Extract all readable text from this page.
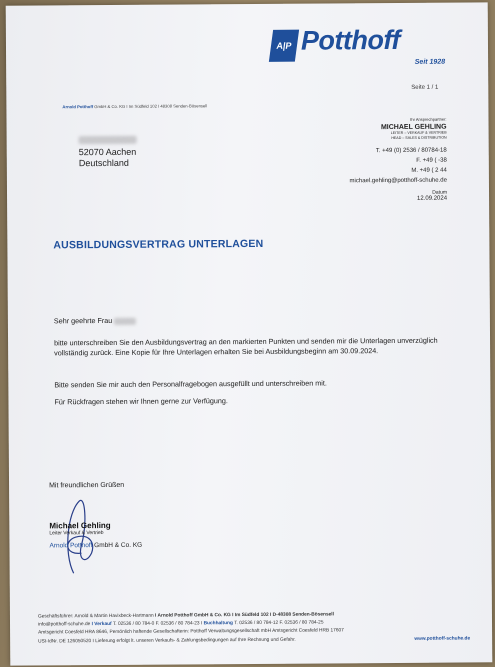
A|P Potthoff
Seit 1928
Seite 1 / 1
Arnold Potthoff GmbH & Co. KG I Im Südfeld 102 I 48308 Senden-Bösensell
Ihr Ansprechpartner:
MICHAEL GEHLING
LEITER – VERKAUF & VERTRIEB
HEAD – SALES & DISTRIBUTION
T. +49 (0) 2536 / 80784-18
F. +49 ( -38
M. +49 ( 2 44
michael.gehling@potthoff-schuhe.de
Datum
12.09.2024
52070 Aachen
Deutschland
AUSBILDUNGSVERTRAG UNTERLAGEN
Sehr geehrte Frau
bitte unterschreiben Sie den Ausbildungsvertrag an den markierten Punkten und senden mir die Unterlagen unverzüglich vollständig zurück. Eine Kopie für Ihre Unterlagen erhalten Sie bei Ausbildungsbeginn am 30.09.2024.
Bitte senden Sie mir auch den Personalfragebogen ausgefüllt und unterschreiben mit.
Für Rückfragen stehen wir Ihnen gerne zur Verfügung.
Mit freundlichen Grüßen
Michael Gehling
Leiter Verkauf & Vertrieb
Arnold Potthoff GmbH & Co. KG
Geschäftsführer: Arnold & Martin Havixbeck-Hartmann I Arnold Potthoff GmbH & Co. KG I Im Südfeld 102 I D-48308 Senden-Bösensell
info@potthoff-schuhe.de I Verkauf T. 02536 / 80 784-0 F. 02536 / 80 784-23 I Buchhaltung T. 02536 / 80 784-12 F. 02536 / 80 784-25
Amtsgericht Coesfeld HRA 8646, Persönlich haftende Gesellschafterin: Potthoff Verwaltungsgesellschaft mbH Amtsgericht Coesfeld HRB 17607
USt-IdNr. DE 126050520 I Lieferung erfolgt lt. unseren Verkaufs- & Zahlungsbedingungen auf Ihre Rechnung und Gefahr.	www.potthoff-schuhe.de
